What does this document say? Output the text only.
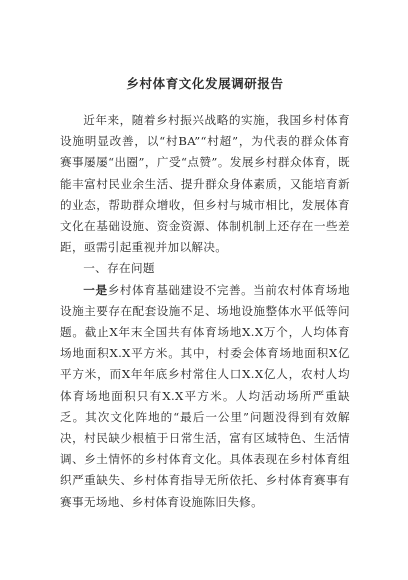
乡村体育文化发展调研报告

近年来，随着乡村振兴战略的实施，我国乡村体育设施明显改善，以“村BA”“村超”，为代表的群众体育赛事屡屡“出圈”，广受“点赞”。发展乡村群众体育，既能丰富村民业余生活、提升群众身体素质，又能培育新的业态，帮助群众增收，但乡村与城市相比，发展体育文化在基础设施、资金资源、体制机制上还存在一些差距，亟需引起重视并加以解决。

一、存在问题

一是乡村体育基础建设不完善。当前农村体育场地设施主要存在配套设施不足、场地设施整体水平低等问题。截止X年末全国共有体育场地X.X万个，人均体育场地面积X.X平方米。其中，村委会体育场地面积X亿平方米，而X年年底乡村常住人口X.X亿人，农村人均体育场地面积只有X.X平方米。人均活动场所严重缺乏。其次文化阵地的“最后一公里”问题没得到有效解决，村民缺少根植于日常生活，富有区域特色、生活情调、乡土情怀的乡村体育文化。具体表现在乡村体育组织严重缺失、乡村体育指导无所依托、乡村体育赛事有赛事无场地、乡村体育设施陈旧失修。
